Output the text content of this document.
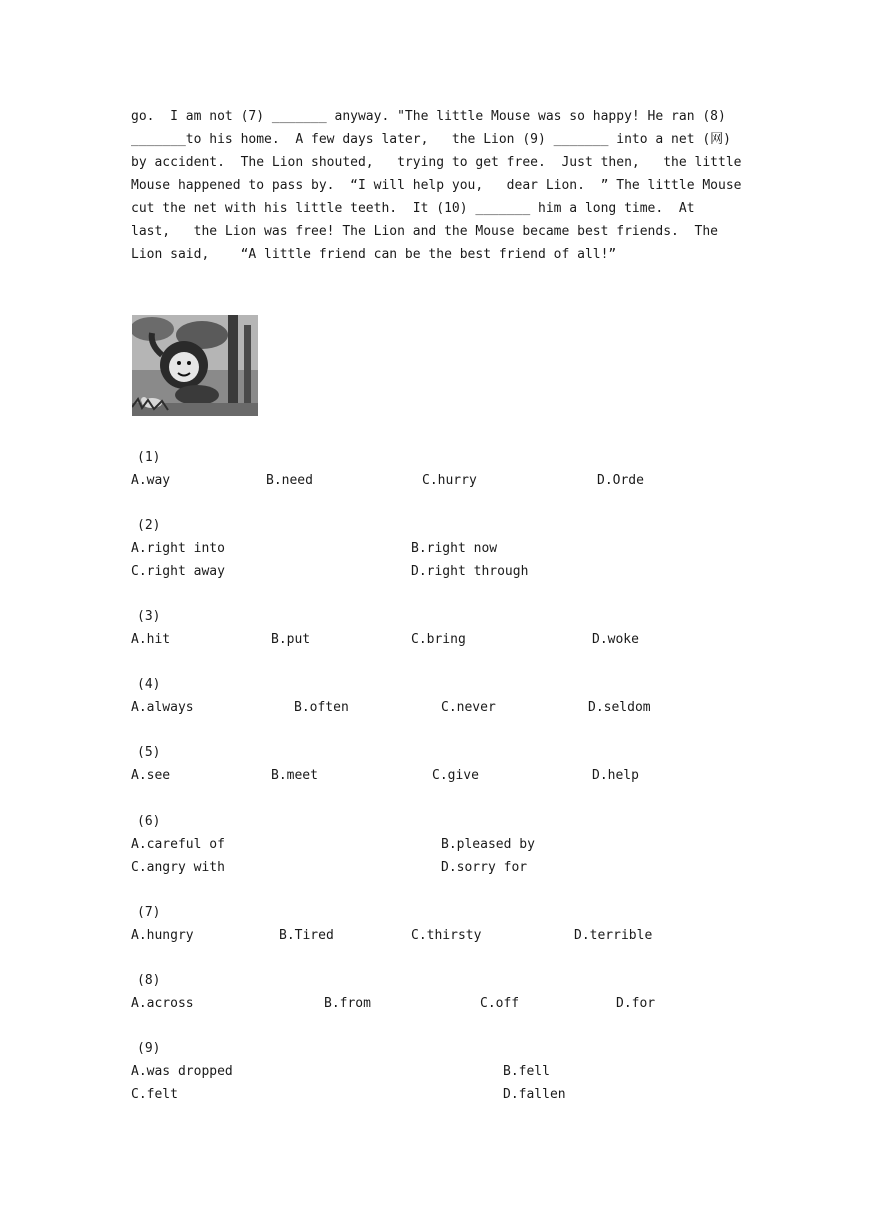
go.  I am not (7) _______ anyway. "The little Mouse was so happy! He ran (8)
_______to his home.  A few days later,   the Lion (9) _______ into a net (网)
by accident.  The Lion shouted,   trying to get free.  Just then,   the little
Mouse happened to pass by.  “I will help you,   dear Lion.  ” The little Mouse
cut the net with his little teeth.  It (10) _______ him a long time.  At
last,   the Lion was free! The Lion and the Mouse became best friends.  The
Lion said,    “A little friend can be the best friend of all!”
(1)
A.way	B.need	C.hurry	D.Orde
(2)
A.right into	B.right now
C.right away	D.right through
(3)
A.hit	B.put	C.bring	D.woke
(4)
A.always	B.often	C.never	D.seldom
(5)
A.see	B.meet	C.give	D.help
(6)
A.careful of	B.pleased by
C.angry with	D.sorry for
(7)
A.hungry	B.Tired	C.thirsty	D.terrible
(8)
A.across	B.from	C.off	D.for
(9)
A.was dropped	B.fell
C.felt	D.fallen
